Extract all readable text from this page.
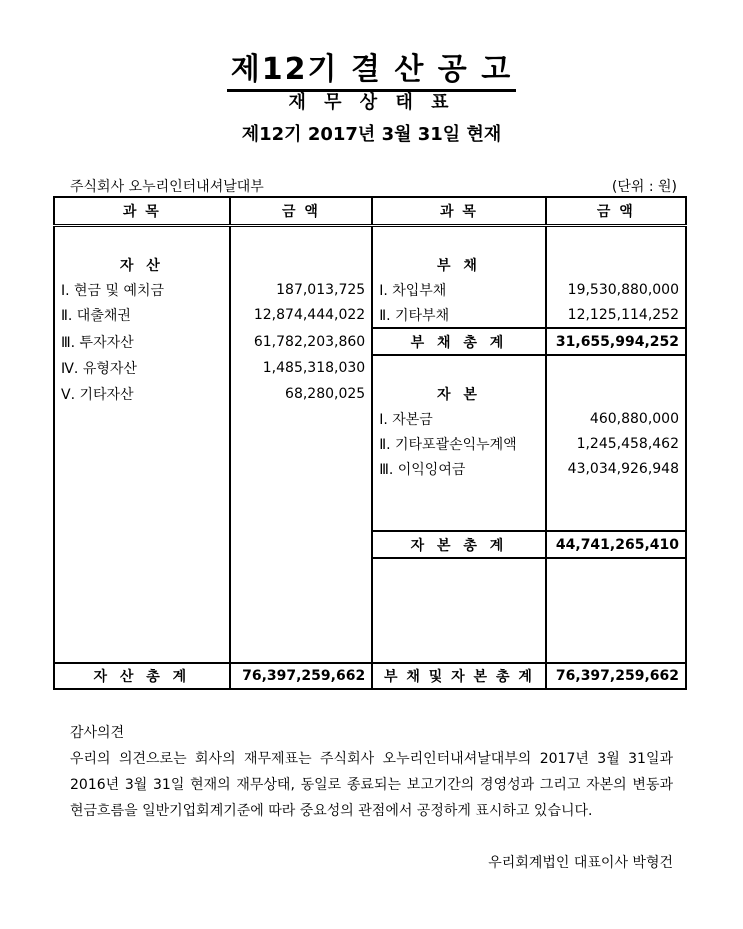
제12기 결 산 공 고
재 무 상 태 표
제12기 2017년 3월 31일 현재
주식회사 오누리인터내셔날대부	(단위 : 원)
과 목	금 액	과 목	금 액

자 산		부 채	
Ⅰ. 현금 및 예치금	187,013,725	Ⅰ. 차입부채	19,530,880,000
Ⅱ. 대출채권	12,874,444,022	Ⅱ. 기타부채	12,125,114,252
Ⅲ. 투자자산	61,782,203,860	부 채 총 계	31,655,994,252
Ⅳ. 유형자산	1,485,318,030		
Ⅴ. 기타자산	68,280,025	자 본	
		Ⅰ. 자본금	460,880,000
		Ⅱ. 기타포괄손익누계액	1,245,458,462
		Ⅲ. 이익잉여금	43,034,926,948

		자 본 총 계	44,741,265,410

자 산 총 계	76,397,259,662	부 채 및 자 본 총 계	76,397,259,662
감사의견
우리의 의견으로는 회사의 재무제표는 주식회사 오누리인터내셔날대부의 2017년 3월 31일과 2016년 3월 31일 현재의 재무상태, 동일로 종료되는 보고기간의 경영성과 그리고 자본의 변동과 현금흐름을 일반기업회계기준에 따라 중요성의 관점에서 공정하게 표시하고 있습니다.
우리회계법인 대표이사 박형건
